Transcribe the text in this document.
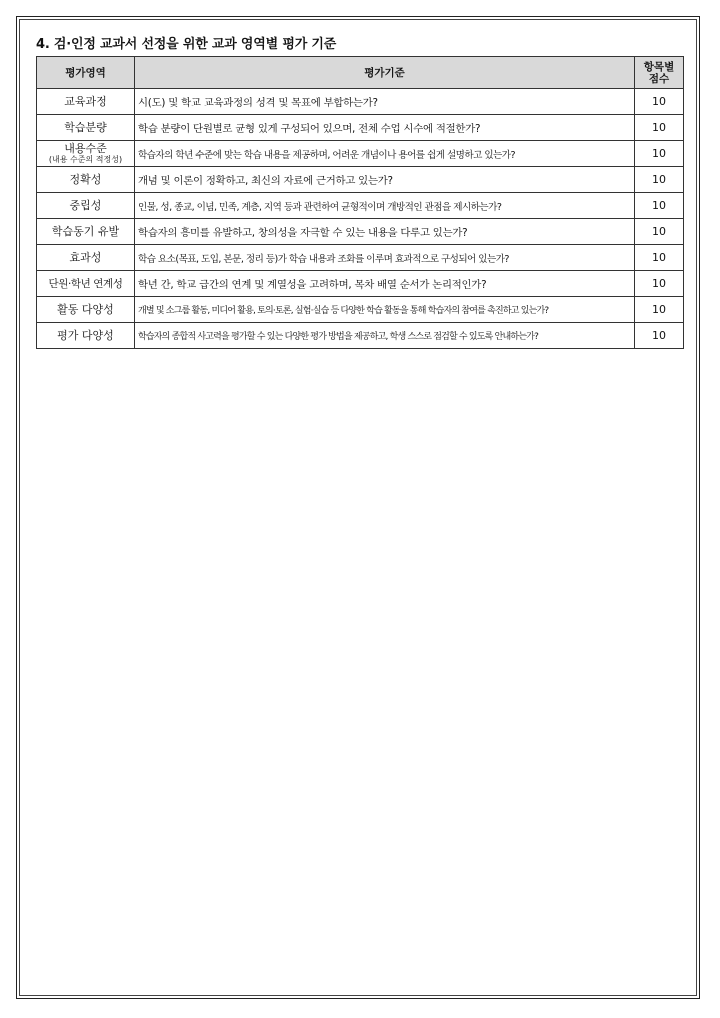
4. 검·인정 교과서 선정을 위한 교과 영역별 평가 기준
평가영역	평가기준	항목별
점수

교육과정	시(도) 및 학교 교육과정의 성격 및 목표에 부합하는가?	10
학습분량	학습 분량이 단원별로 균형 있게 구성되어 있으며, 전체 수업 시수에 적절한가?	10
내용수준
(내용 수준의 적정성)	학습자의 학년 수준에 맞는 학습 내용을 제공하며, 어려운 개념이나 용어를 쉽게 설명하고 있는가?	10
정확성	개념 및 이론이 정확하고, 최신의 자료에 근거하고 있는가?	10
중립성	인물, 성, 종교, 이념, 민족, 계층, 지역 등과 관련하여 균형적이며 개방적인 관점을 제시하는가?	10
학습동기 유발	학습자의 흥미를 유발하고, 창의성을 자극할 수 있는 내용을 다루고 있는가?	10
효과성	학습 요소(목표, 도입, 본문, 정리 등)가 학습 내용과 조화를 이루며 효과적으로 구성되어 있는가?	10
단원·학년 연계성	학년 간, 학교 급간의 연계 및 계열성을 고려하며, 목차 배열 순서가 논리적인가?	10
활동 다양성	개별 및 소그룹 활동, 미디어 활용, 토의·토론, 실험·실습 등 다양한 학습 활동을 통해 학습자의 참여를 촉진하고 있는가?	10
평가 다양성	학습자의 종합적 사고력을 평가할 수 있는 다양한 평가 방법을 제공하고, 학생 스스로 점검할 수 있도록 안내하는가?	10
